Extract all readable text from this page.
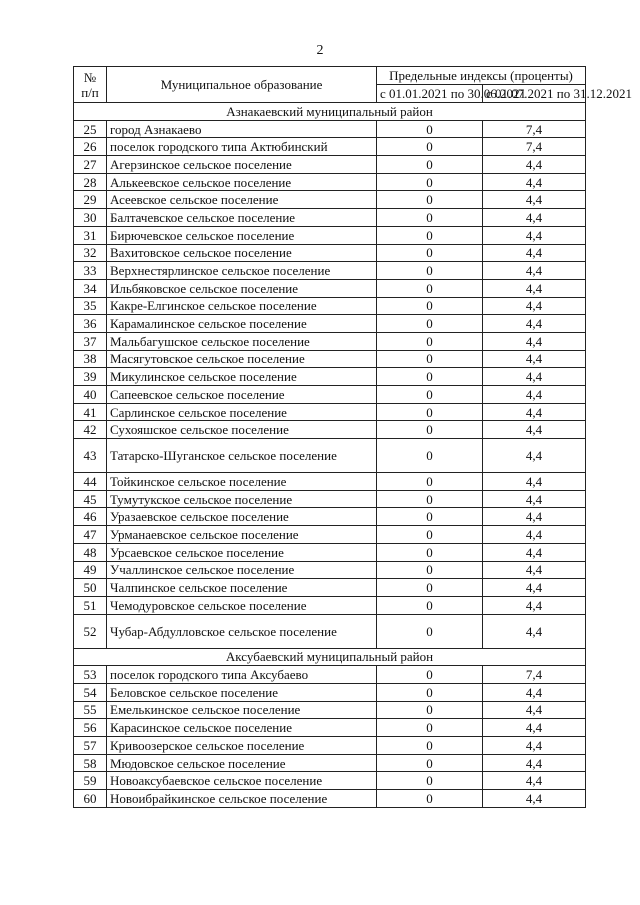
2
№ п/п	Муниципальное образование	Предельные индексы (проценты)	
		с 01.01.2021 по 30.06.2021	с 01.07.2021 по 31.12.2021
Азнакаевский муниципальный район			
25	город Азнакаево	0	7,4
26	поселок городского типа Актюбинский	0	7,4
27	Агерзинское сельское поселение	0	4,4
28	Алькеевское сельское поселение	0	4,4
29	Асеевское сельское поселение	0	4,4
30	Балтачевское сельское поселение	0	4,4
31	Бирючевское сельское поселение	0	4,4
32	Вахитовское сельское поселение	0	4,4
33	Верхнестярлинское сельское поселение	0	4,4
34	Ильбяковское сельское поселение	0	4,4
35	Какре-Елгинское сельское поселение	0	4,4
36	Карамалинское сельское поселение	0	4,4
37	Мальбагушское сельское поселение	0	4,4
38	Масягутовское сельское поселение	0	4,4
39	Микулинское сельское поселение	0	4,4
40	Сапеевское сельское поселение	0	4,4
41	Сарлинское сельское поселение	0	4,4
42	Сухояшское сельское поселение	0	4,4
43	Татарско-Шуганское сельское поселение	0	4,4
44	Тойкинское сельское поселение	0	4,4
45	Тумутукское сельское поселение	0	4,4
46	Уразаевское сельское поселение	0	4,4
47	Урманаевское сельское поселение	0	4,4
48	Урсаевское сельское поселение	0	4,4
49	Учаллинское сельское поселение	0	4,4
50	Чалпинское сельское поселение	0	4,4
51	Чемодуровское сельское поселение	0	4,4
52	Чубар-Абдулловское сельское поселение	0	4,4
Аксубаевский муниципальный район			
53	поселок городского типа Аксубаево	0	7,4
54	Беловское сельское поселение	0	4,4
55	Емелькинское сельское поселение	0	4,4
56	Карасинское сельское поселение	0	4,4
57	Кривоозерское сельское поселение	0	4,4
58	Мюдовское сельское поселение	0	4,4
59	Новоаксубаевское сельское поселение	0	4,4
60	Новоибрайкинское сельское поселение	0	4,4
